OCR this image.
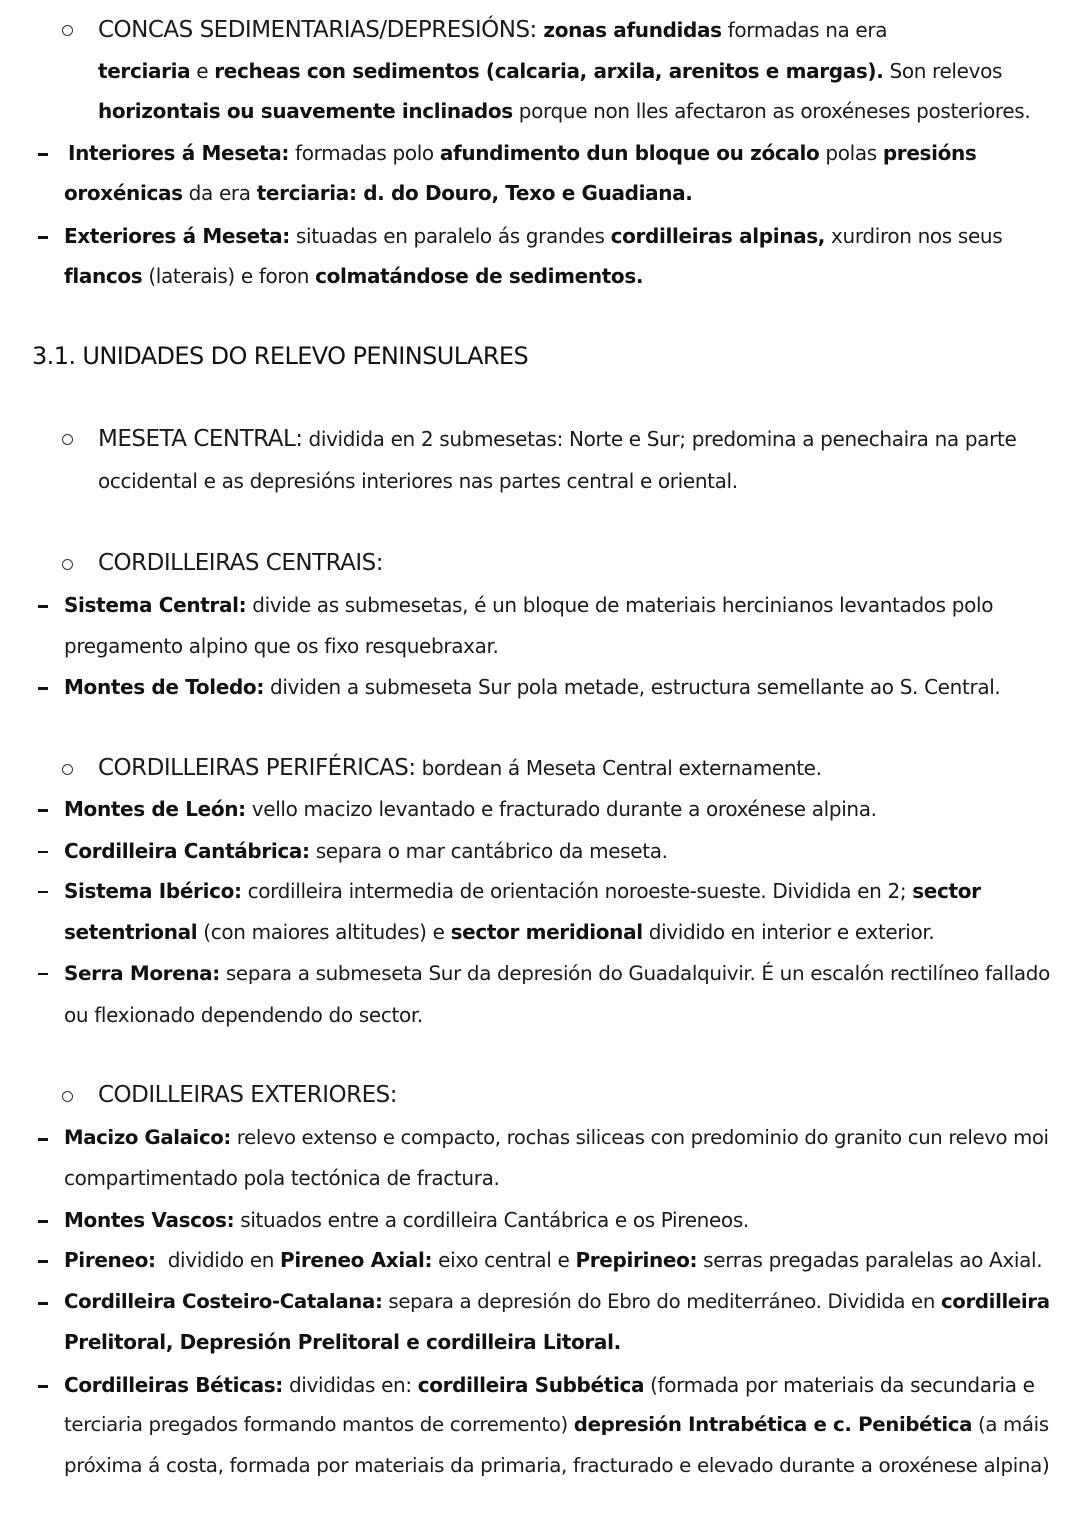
CONCAS SEDIMENTARIAS/DEPRESIÓNS: zonas afundidas formadas na era
terciaria e recheas con sedimentos (calcaria, arxila, arenitos e margas). Son relevos
horizontais ou suavemente inclinados porque non lles afectaron as oroxéneses posteriores.
Interiores á Meseta: formadas polo afundimento dun bloque ou zócalo polas presións
oroxénicas da era terciaria: d. do Douro, Texo e Guadiana.
Exteriores á Meseta: situadas en paralelo ás grandes cordilleiras alpinas, xurdiron nos seus
flancos (laterais) e foron colmatándose de sedimentos.
3.1. UNIDADES DO RELEVO PENINSULARES
MESETA CENTRAL: dividida en 2 submesetas: Norte e Sur; predomina a penechaira na parte
occidental e as depresións interiores nas partes central e oriental.
CORDILLEIRAS CENTRAIS:
Sistema Central: divide as submesetas, é un bloque de materiais hercinianos levantados polo
pregamento alpino que os fixo resquebraxar.
Montes de Toledo: dividen a submeseta Sur pola metade, estructura semellante ao S. Central.
CORDILLEIRAS PERIFÉRICAS: bordean á Meseta Central externamente.
Montes de León: vello macizo levantado e fracturado durante a oroxénese alpina.
Cordilleira Cantábrica: separa o mar cantábrico da meseta.
Sistema Ibérico: cordilleira intermedia de orientación noroeste-sueste. Dividida en 2; sector
setentrional (con maiores altitudes) e sector meridional dividido en interior e exterior.
Serra Morena: separa a submeseta Sur da depresión do Guadalquivir. É un escalón rectilíneo fallado
ou flexionado dependendo do sector.
CODILLEIRAS EXTERIORES:
Macizo Galaico: relevo extenso e compacto, rochas siliceas con predominio do granito cun relevo moi
compartimentado pola tectónica de fractura.
Montes Vascos: situados entre a cordilleira Cantábrica e os Pireneos.
Pireneo:  dividido en Pireneo Axial: eixo central e Prepirineo: serras pregadas paralelas ao Axial.
Cordilleira Costeiro-Catalana: separa a depresión do Ebro do mediterráneo. Dividida en cordilleira
Prelitoral, Depresión Prelitoral e cordilleira Litoral.
Cordilleiras Béticas: divididas en: cordilleira Subbética (formada por materiais da secundaria e
terciaria pregados formando mantos de corremento) depresión Intrabética e c. Penibética (a máis
próxima á costa, formada por materiais da primaria, fracturado e elevado durante a oroxénese alpina)
